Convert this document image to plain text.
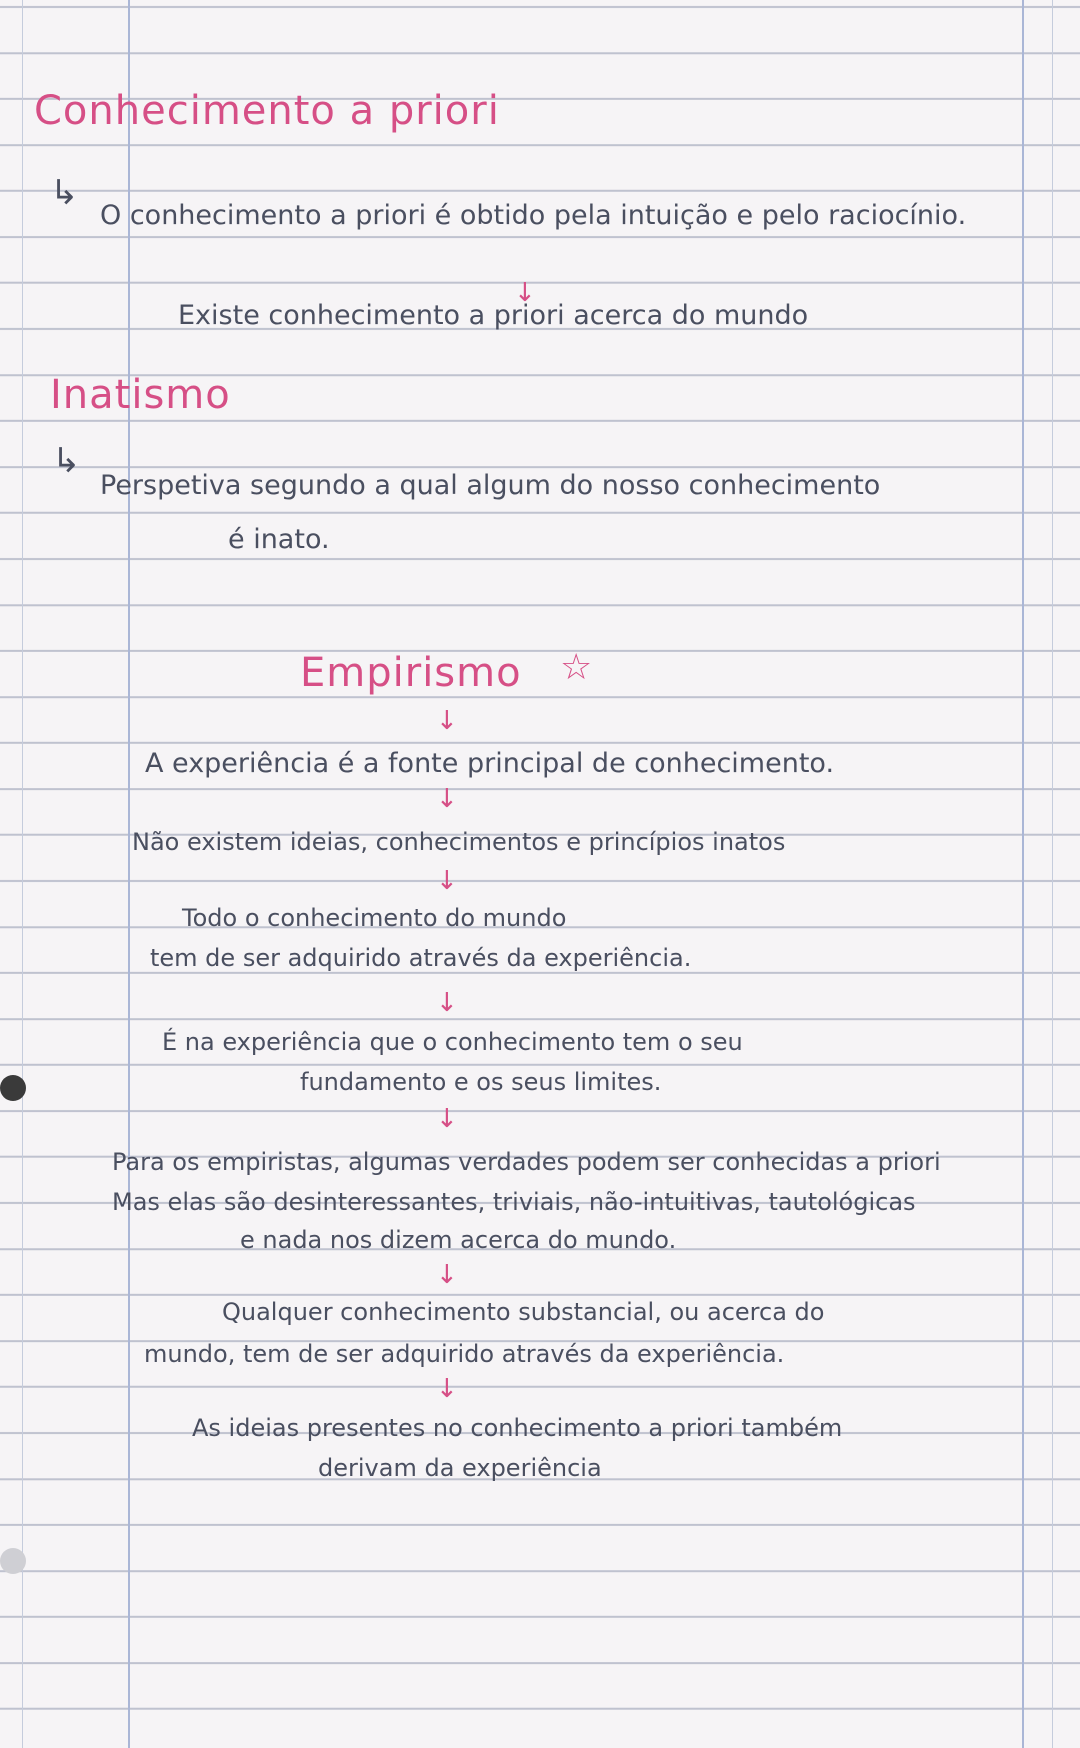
Conhecimento a priori
↳
O conhecimento a priori é obtido pela intuição e pelo raciocínio.
↓
Existe conhecimento a priori acerca do mundo
Inatismo
↳
Perspetiva segundo a qual algum do nosso conhecimento
é inato.
Empirismo ☆
↓
A experiência é a fonte principal de conhecimento.
↓
Não existem ideias, conhecimentos e princípios inatos
↓
Todo o conhecimento do mundo
tem de ser adquirido através da experiência.
↓
É na experiência que o conhecimento tem o seu
fundamento e os seus limites.
↓
Para os empiristas, algumas verdades podem ser conhecidas a priori
Mas elas são desinteressantes, triviais, não-intuitivas, tautológicas
e nada nos dizem acerca do mundo.
↓
Qualquer conhecimento substancial, ou acerca do
mundo, tem de ser adquirido através da experiência.
↓
As ideias presentes no conhecimento a priori também
derivam da experiência
